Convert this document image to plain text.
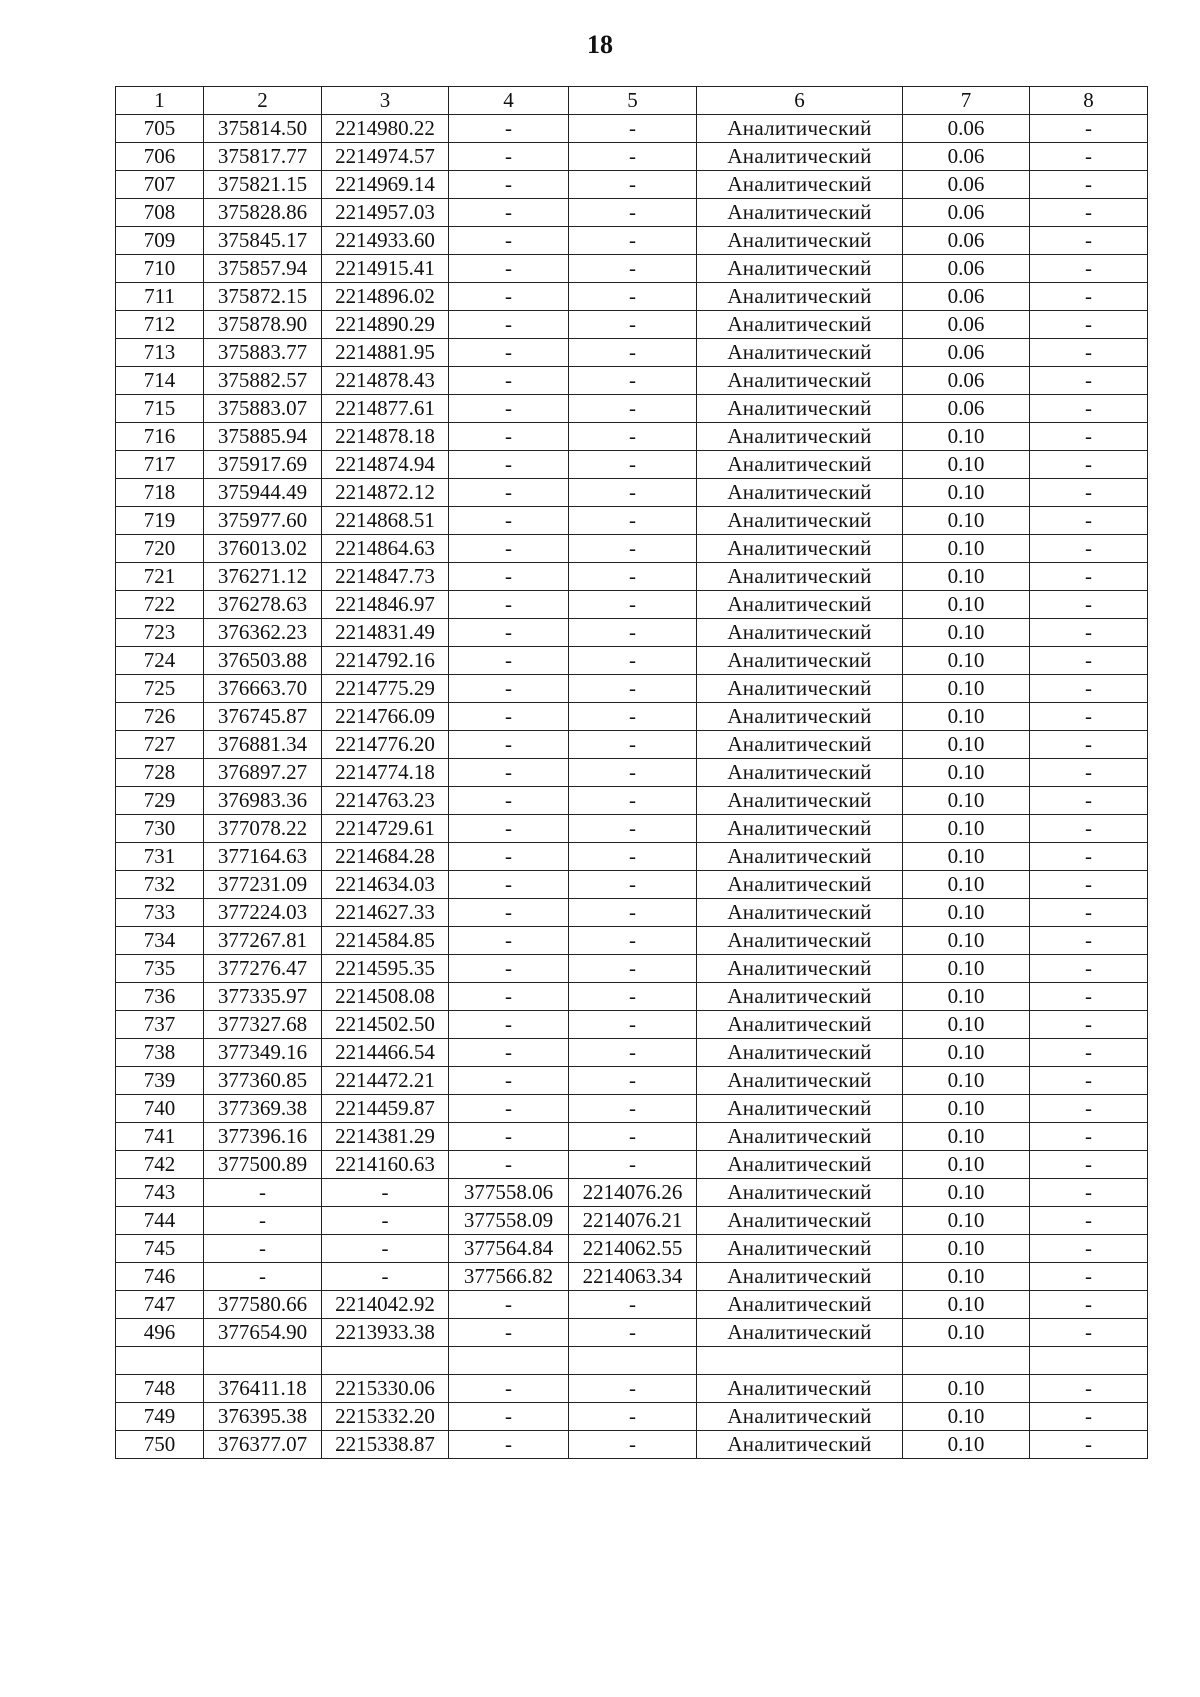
18
1	2	3	4	5	6	7	8
705	375814.50	2214980.22	-	-	Аналитический	0.06	-
706	375817.77	2214974.57	-	-	Аналитический	0.06	-
707	375821.15	2214969.14	-	-	Аналитический	0.06	-
708	375828.86	2214957.03	-	-	Аналитический	0.06	-
709	375845.17	2214933.60	-	-	Аналитический	0.06	-
710	375857.94	2214915.41	-	-	Аналитический	0.06	-
711	375872.15	2214896.02	-	-	Аналитический	0.06	-
712	375878.90	2214890.29	-	-	Аналитический	0.06	-
713	375883.77	2214881.95	-	-	Аналитический	0.06	-
714	375882.57	2214878.43	-	-	Аналитический	0.06	-
715	375883.07	2214877.61	-	-	Аналитический	0.06	-
716	375885.94	2214878.18	-	-	Аналитический	0.10	-
717	375917.69	2214874.94	-	-	Аналитический	0.10	-
718	375944.49	2214872.12	-	-	Аналитический	0.10	-
719	375977.60	2214868.51	-	-	Аналитический	0.10	-
720	376013.02	2214864.63	-	-	Аналитический	0.10	-
721	376271.12	2214847.73	-	-	Аналитический	0.10	-
722	376278.63	2214846.97	-	-	Аналитический	0.10	-
723	376362.23	2214831.49	-	-	Аналитический	0.10	-
724	376503.88	2214792.16	-	-	Аналитический	0.10	-
725	376663.70	2214775.29	-	-	Аналитический	0.10	-
726	376745.87	2214766.09	-	-	Аналитический	0.10	-
727	376881.34	2214776.20	-	-	Аналитический	0.10	-
728	376897.27	2214774.18	-	-	Аналитический	0.10	-
729	376983.36	2214763.23	-	-	Аналитический	0.10	-
730	377078.22	2214729.61	-	-	Аналитический	0.10	-
731	377164.63	2214684.28	-	-	Аналитический	0.10	-
732	377231.09	2214634.03	-	-	Аналитический	0.10	-
733	377224.03	2214627.33	-	-	Аналитический	0.10	-
734	377267.81	2214584.85	-	-	Аналитический	0.10	-
735	377276.47	2214595.35	-	-	Аналитический	0.10	-
736	377335.97	2214508.08	-	-	Аналитический	0.10	-
737	377327.68	2214502.50	-	-	Аналитический	0.10	-
738	377349.16	2214466.54	-	-	Аналитический	0.10	-
739	377360.85	2214472.21	-	-	Аналитический	0.10	-
740	377369.38	2214459.87	-	-	Аналитический	0.10	-
741	377396.16	2214381.29	-	-	Аналитический	0.10	-
742	377500.89	2214160.63	-	-	Аналитический	0.10	-
743	-	-	377558.06	2214076.26	Аналитический	0.10	-
744	-	-	377558.09	2214076.21	Аналитический	0.10	-
745	-	-	377564.84	2214062.55	Аналитический	0.10	-
746	-	-	377566.82	2214063.34	Аналитический	0.10	-
747	377580.66	2214042.92	-	-	Аналитический	0.10	-
496	377654.90	2213933.38	-	-	Аналитический	0.10	-

748	376411.18	2215330.06	-	-	Аналитический	0.10	-
749	376395.38	2215332.20	-	-	Аналитический	0.10	-
750	376377.07	2215338.87	-	-	Аналитический	0.10	-
